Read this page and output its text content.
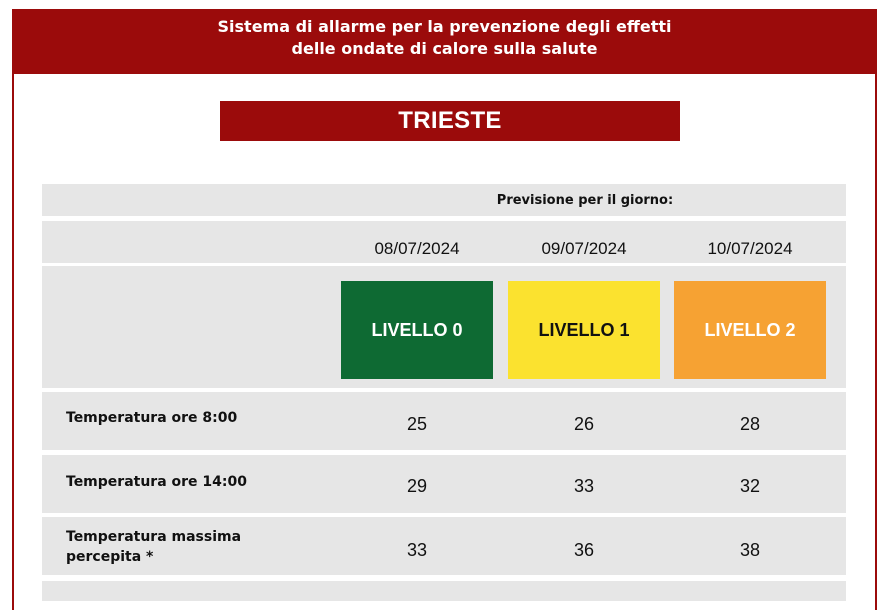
Sistema di allarme per la prevenzione degli effetti
delle ondate di calore sulla salute
TRIESTE
Previsione per il giorno:
08/07/2024	09/07/2024	10/07/2024
LIVELLO 0	LIVELLO 1	LIVELLO 2
Temperatura ore 8:00	25	26	28
Temperatura ore 14:00	29	33	32
Temperatura massima
percepita *	33	36	38
